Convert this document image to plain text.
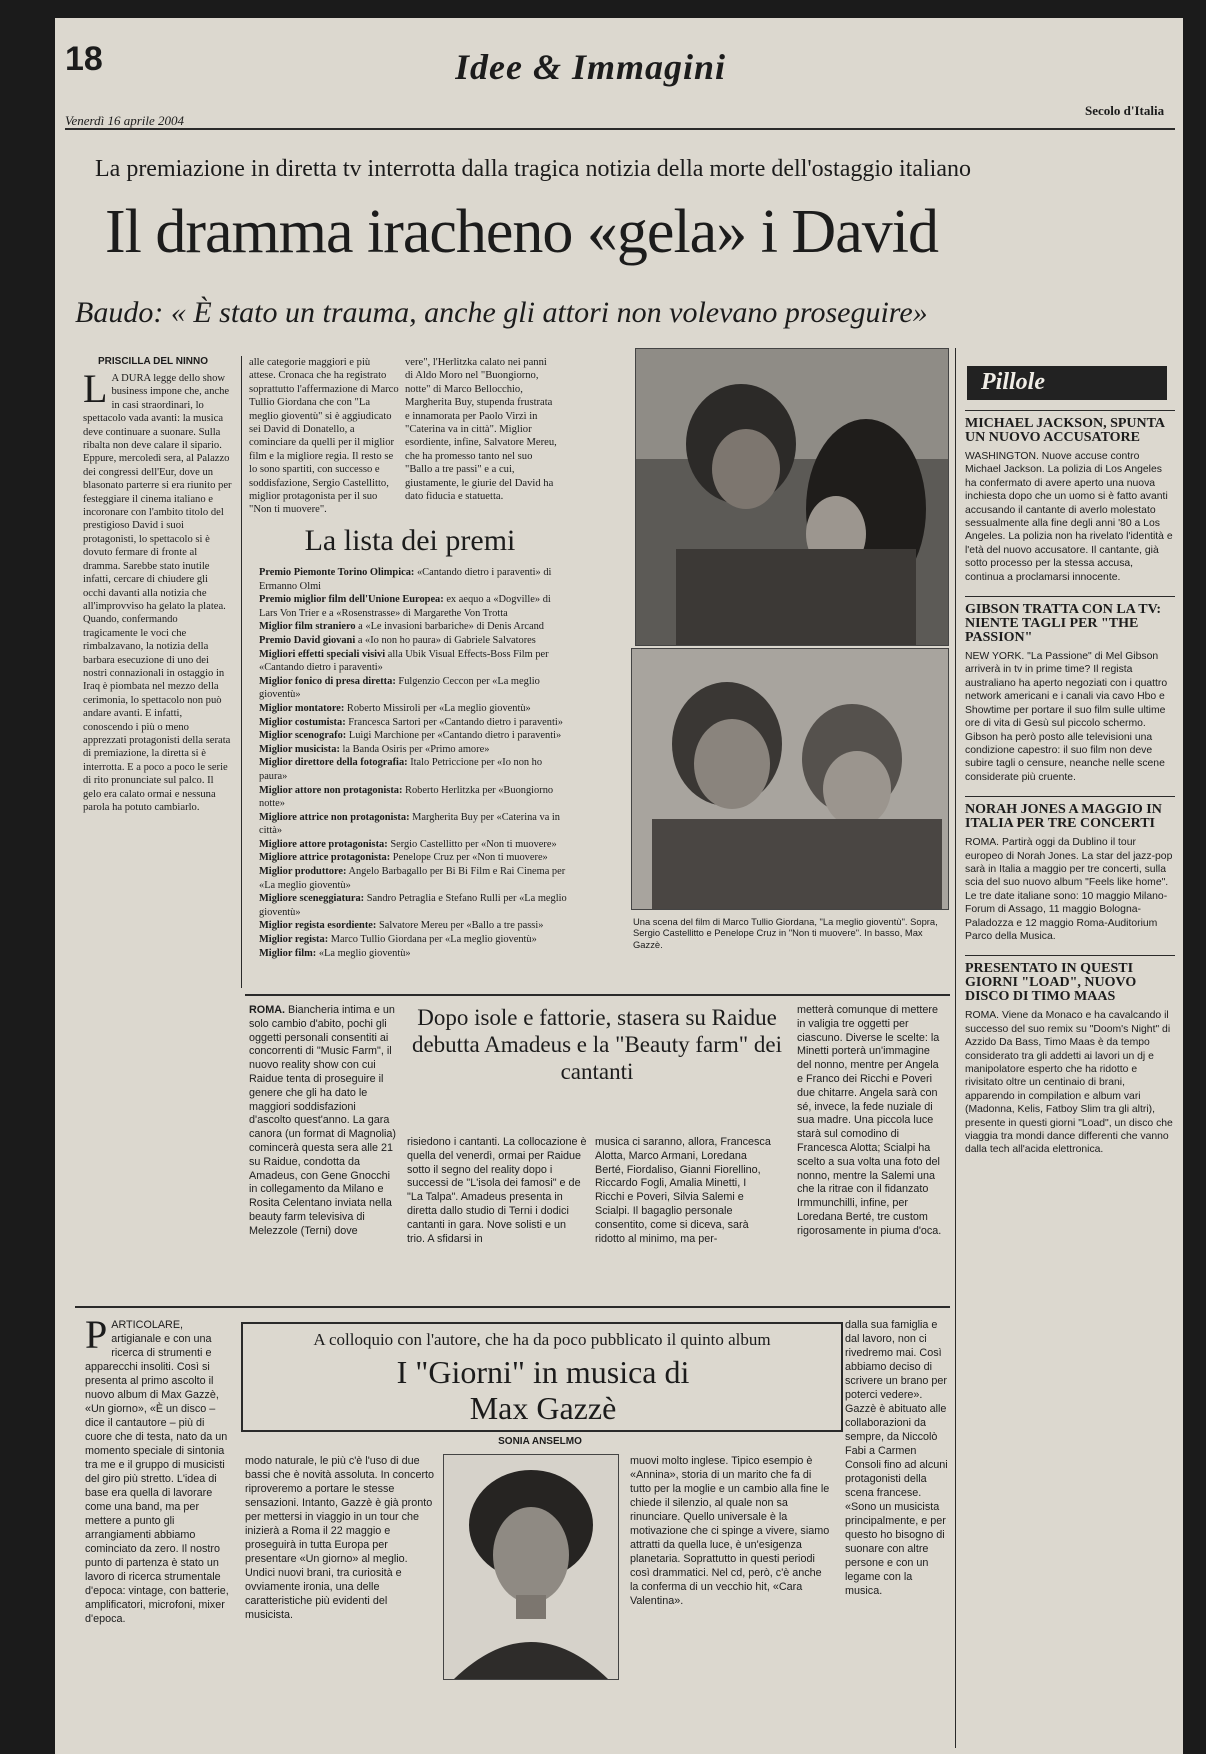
18	Idee & Immagini
Venerdì 16 aprile 2004
Secolo d'Italia
La premiazione in diretta tv interrotta dalla tragica notizia della morte dell'ostaggio italiano
Il dramma iracheno «gela» i David
Baudo: « È stato un trauma, anche gli attori non volevano proseguire»
PRISCILLA DEL NINNO
L A DURA legge dello show business impone che, anche in casi straordinari, lo spettacolo vada avanti: la musica deve continuare a suonare. Sulla ribalta non deve calare il sipario. Eppure, mercoledì sera, al Palazzo dei congressi dell'Eur, dove un blasonato parterre si era riunito per festeggiare il cinema italiano e incoronare con l'ambito titolo del prestigioso David i suoi protagonisti, lo spettacolo si è dovuto fermare di fronte al dramma. Sarebbe stato inutile infatti, cercare di chiudere gli occhi davanti alla notizia che all'improvviso ha gelato la platea. Quando, confermando tragicamente le voci che rimbalzavano, la notizia della barbara esecuzione di uno dei nostri connazionali in ostaggio in Iraq è piombata nel mezzo della cerimonia, lo spettacolo non può andare avanti. E infatti, conoscendo i più o meno apprezzati protagonisti della serata di premiazione, la diretta si è interrotta. E a poco a poco le serie di rito pronunciate sul palco. Il gelo era calato ormai e nessuna parola ha potuto cambiarlo.
alle categorie maggiori e più attese. Cronaca che ha registrato soprattutto l'affermazione di Marco Tullio Giordana che con "La meglio gioventù" si è aggiudicato sei David di Donatello, a cominciare da quelli per il miglior film e la migliore regia. Il resto se lo sono spartiti, con successo e soddisfazione, Sergio Castellitto, miglior protagonista per il suo "Non ti muovere".
vere", l'Herlitzka calato nei panni di Aldo Moro nel "Buongiorno, notte" di Marco Bellocchio, Margherita Buy, stupenda frustrata e innamorata per Paolo Virzì in "Caterina va in città". Miglior esordiente, infine, Salvatore Mereu, che ha promesso tanto nel suo "Ballo a tre passi" e a cui, giustamente, le giurie del David ha dato fiducia e statuetta.
La lista dei premi

Premio Piemonte Torino Olimpica: «Cantando dietro i paraventi» di Ermanno Olmi

Premio miglior film dell'Unione Europea: ex aequo a «Dogville» di Lars Von Trier e a «Rosenstrasse» di Margarethe Von Trotta

Miglior film straniero a «Le invasioni barbariche» di Denis Arcand

Premio David giovani a «Io non ho paura» di Gabriele Salvatores

Migliori effetti speciali visivi alla Ubik Visual Effects-Boss Film per «Cantando dietro i paraventi»

Miglior fonico di presa diretta: Fulgenzio Ceccon per «La meglio gioventù»

Miglior montatore: Roberto Missiroli per «La meglio gioventù»

Miglior costumista: Francesca Sartori per «Cantando dietro i paraventi»

Miglior scenografo: Luigi Marchione per «Cantando dietro i paraventi»

Miglior musicista: la Banda Osiris per «Primo amore»

Miglior direttore della fotografia: Italo Petriccione per «Io non ho paura»

Miglior attore non protagonista: Roberto Herlitzka per «Buongiorno notte»

Migliore attrice non protagonista: Margherita Buy per «Caterina va in città»

Migliore attore protagonista: Sergio Castellitto per «Non ti muovere»

Migliore attrice protagonista: Penelope Cruz per «Non ti muovere»

Miglior produttore: Angelo Barbagallo per Bi Bi Film e Rai Cinema per «La meglio gioventù»

Migliore sceneggiatura: Sandro Petraglia e Stefano Rulli per «La meglio gioventù»

Miglior regista esordiente: Salvatore Mereu per «Ballo a tre passi»

Miglior regista: Marco Tullio Giordana per «La meglio gioventù»

Miglior film: «La meglio gioventù»

Una scena del film di Marco Tullio Giordana, "La meglio gioventù". Sopra, Sergio Castellitto e Penelope Cruz in "Non ti muovere". In basso, Max Gazzè.
Pillole
MICHAEL JACKSON, SPUNTA UN NUOVO ACCUSATORE
WASHINGTON. Nuove accuse contro Michael Jackson. La polizia di Los Angeles ha confermato di avere aperto una nuova inchiesta dopo che un uomo si è fatto avanti accusando il cantante di averlo molestato sessualmente alla fine degli anni '80 a Los Angeles. La polizia non ha rivelato l'identità e l'età del nuovo accusatore. Il cantante, già sotto processo per la stessa accusa, continua a proclamarsi innocente.
GIBSON TRATTA CON LA TV: NIENTE TAGLI PER "THE PASSION"
NEW YORK. "La Passione" di Mel Gibson arriverà in tv in prime time? Il regista australiano ha aperto negoziati con i quattro network americani e i canali via cavo Hbo e Showtime per portare il suo film sulle ultime ore di vita di Gesù sul piccolo schermo. Gibson ha però posto alle televisioni una condizione capestro: il suo film non deve subire tagli o censure, neanche nelle scene considerate più cruente.
NORAH JONES A MAGGIO IN ITALIA PER TRE CONCERTI
ROMA. Partirà oggi da Dublino il tour europeo di Norah Jones. La star del jazz-pop sarà in Italia a maggio per tre concerti, sulla scia del suo nuovo album "Feels like home". Le tre date italiane sono: 10 maggio Milano-Forum di Assago, 11 maggio Bologna-Paladozza e 12 maggio Roma-Auditorium Parco della Musica.
PRESENTATO IN QUESTI GIORNI "LOAD", NUOVO DISCO DI TIMO MAAS
ROMA. Viene da Monaco e ha cavalcando il successo del suo remix su "Doom's Night" di Azzido Da Bass, Timo Maas è da tempo considerato tra gli addetti ai lavori un dj e manipolatore esperto che ha ridotto e rivisitato oltre un centinaio di brani, apparendo in compilation e album vari (Madonna, Kelis, Fatboy Slim tra gli altri), presente in questi giorni "Load", un disco che viaggia tra mondi dance differenti che vanno dalla tech all'acida elettronica.
ROMA. Biancheria intima e un solo cambio d'abito, pochi gli oggetti personali consentiti ai concorrenti di "Music Farm", il nuovo reality show con cui Raidue tenta di proseguire il genere che gli ha dato le maggiori soddisfazioni d'ascolto quest'anno. La gara canora (un format di Magnolia) comincerà questa sera alle 21 su Raidue, condotta da Amadeus, con Gene Gnocchi in collegamento da Milano e Rosita Celentano inviata nella beauty farm televisiva di Melezzole (Terni) dove
Dopo isole e fattorie, stasera su Raidue debutta Amadeus e la "Beauty farm" dei cantanti
risiedono i cantanti. La collocazione è quella del venerdì, ormai per Raidue sotto il segno del reality dopo i successi de "L'isola dei famosi" e de "La Talpa". Amadeus presenta in diretta dallo studio di Terni i dodici cantanti in gara. Nove solisti e un trio. A sfidarsi in
musica ci saranno, allora, Francesca Alotta, Marco Armani, Loredana Berté, Fiordaliso, Gianni Fiorellino, Riccardo Fogli, Amalia Minetti, I Ricchi e Poveri, Silvia Salemi e Scialpi. Il bagaglio personale consentito, come si diceva, sarà ridotto al minimo, ma per-
metterà comunque di mettere in valigia tre oggetti per ciascuno. Diverse le scelte: la Minetti porterà un'immagine del nonno, mentre per Angela e Franco dei Ricchi e Poveri due chitarre. Angela sarà con sé, invece, la fede nuziale di sua madre. Una piccola luce starà sul comodino di Francesca Alotta; Scialpi ha scelto a sua volta una foto del nonno, mentre la Salemi una che la ritrae con il fidanzato Irmmunchilli, infine, per Loredana Berté, tre custom rigorosamente in piuma d'oca.
PARTICOLARE, artigianale e con una ricerca di strumenti e apparecchi insoliti. Così si presenta al primo ascolto il nuovo album di Max Gazzè, «Un giorno», «È un disco – dice il cantautore – più di cuore che di testa, nato da un momento speciale di sintonia tra me e il gruppo di musicisti del giro più stretto. L'idea di base era quella di lavorare come una band, ma per mettere a punto gli arrangiamenti abbiamo cominciato da zero. Il nostro punto di partenza è stato un lavoro di ricerca strumentale d'epoca: vintage, con batterie, amplificatori, microfoni, mixer d'epoca.
A colloquio con l'autore, che ha da poco pubblicato il quinto album
I "Giorni" in musica di Max Gazzè
SONIA ANSELMO
dalla sua famiglia e dal lavoro, non ci rivedremo mai. Così abbiamo deciso di scrivere un brano per poterci vedere». Gazzè è abituato alle collaborazioni da sempre, da Niccolò Fabi a Carmen Consoli fino ad alcuni protagonisti della scena francese. «Sono un musicista principalmente, e per questo ho bisogno di suonare con altre persone e con un legame con la musica.
modo naturale, le più c'è l'uso di due bassi che è novità assoluta. In concerto riproveremo a portare le stesse sensazioni. Intanto, Gazzè è già pronto per mettersi in viaggio in un tour che inizierà a Roma il 22 maggio e proseguirà in tutta Europa per presentare «Un giorno» al meglio. Undici nuovi brani, tra curiosità e ovviamente ironia, una delle caratteristiche più evidenti del musicista.
muovi molto inglese. Tipico esempio è «Annina», storia di un marito che fa di tutto per la moglie e un cambio alla fine le chiede il silenzio, al quale non sa rinunciare. Quello universale è la motivazione che ci spinge a vivere, siamo attratti da quella luce, è un'esigenza planetaria. Soprattutto in questi periodi così drammatici. Nel cd, però, c'è anche la conferma di un vecchio hit, «Cara Valentina».
